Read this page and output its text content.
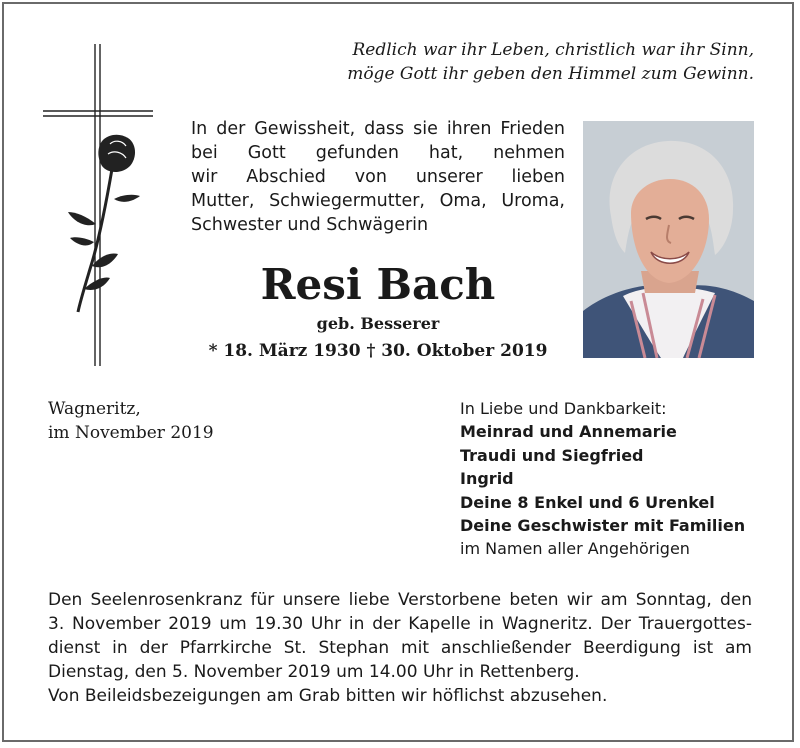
Redlich war ihr Leben, christlich war ihr Sinn,
möge Gott ihr geben den Himmel zum Gewinn.
In der Gewissheit, dass sie ihren Frieden
bei Gott gefunden hat, nehmen
wir Abschied von unserer lieben
Mutter, Schwiegermutter, Oma, Uroma,
Schwester und Schwägerin
Resi Bach
geb. Besserer
* 18. März 1930 † 30. Oktober 2019
Wagneritz,
im November 2019
In Liebe und Dankbarkeit:
Meinrad und Annemarie
Traudi und Siegfried
Ingrid
Deine 8 Enkel und 6 Urenkel
Deine Geschwister mit Familien
im Namen aller Angehörigen
Den Seelenrosenkranz für unsere liebe Verstorbene beten wir am Sonntag, den
3. November 2019 um 19.30 Uhr in der Kapelle in Wagneritz. Der Trauergottes-
dienst in der Pfarrkirche St. Stephan mit anschließender Beerdigung ist am
Dienstag, den 5. November 2019 um 14.00 Uhr in Rettenberg.
Von Beileidsbezeigungen am Grab bitten wir höflichst abzusehen.
